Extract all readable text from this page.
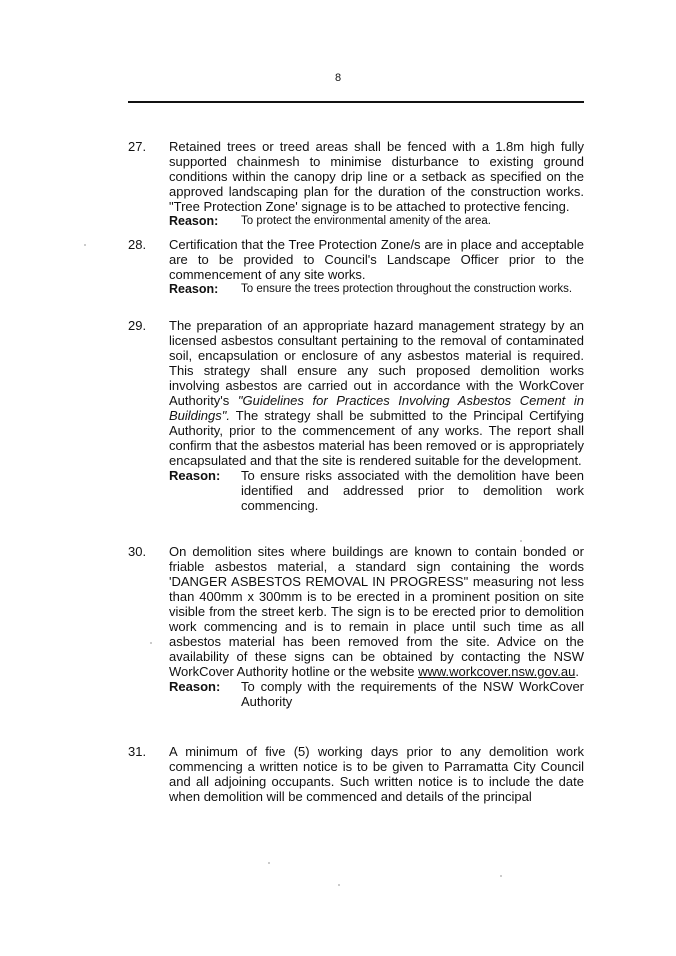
8
27. Retained trees or treed areas shall be fenced with a 1.8m high fully supported chainmesh to minimise disturbance to existing ground conditions within the canopy drip line or a setback as specified on the approved landscaping plan for the duration of the construction works. "Tree Protection Zone' signage is to be attached to protective fencing.

Reason:	To protect the environmental amenity of the area.
28. Certification that the Tree Protection Zone/s are in place and acceptable are to be provided to Council's Landscape Officer prior to the commencement of any site works.

Reason:	To ensure the trees protection throughout the construction works.
29. The preparation of an appropriate hazard management strategy by an licensed asbestos consultant pertaining to the removal of contaminated soil, encapsulation or enclosure of any asbestos material is required. This strategy shall ensure any such proposed demolition works involving asbestos are carried out in accordance with the WorkCover Authority's "Guidelines for Practices Involving Asbestos Cement in Buildings". The strategy shall be submitted to the Principal Certifying Authority, prior to the commencement of any works. The report shall confirm that the asbestos material has been removed or is appropriately encapsulated and that the site is rendered suitable for the development.

Reason:	To ensure risks associated with the demolition have been identified and addressed prior to demolition work commencing.
30. On demolition sites where buildings are known to contain bonded or friable asbestos material, a standard sign containing the words 'DANGER ASBESTOS REMOVAL IN PROGRESS" measuring not less than 400mm x 300mm is to be erected in a prominent position on site visible from the street kerb. The sign is to be erected prior to demolition work commencing and is to remain in place until such time as all asbestos material has been removed from the site. Advice on the availability of these signs can be obtained by contacting the NSW WorkCover Authority hotline or the website www.workcover.nsw.gov.au.

Reason:	To comply with the requirements of the NSW WorkCover Authority
31. A minimum of five (5) working days prior to any demolition work commencing a written notice is to be given to Parramatta City Council and all adjoining occupants. Such written notice is to include the date when demolition will be commenced and details of the principal
